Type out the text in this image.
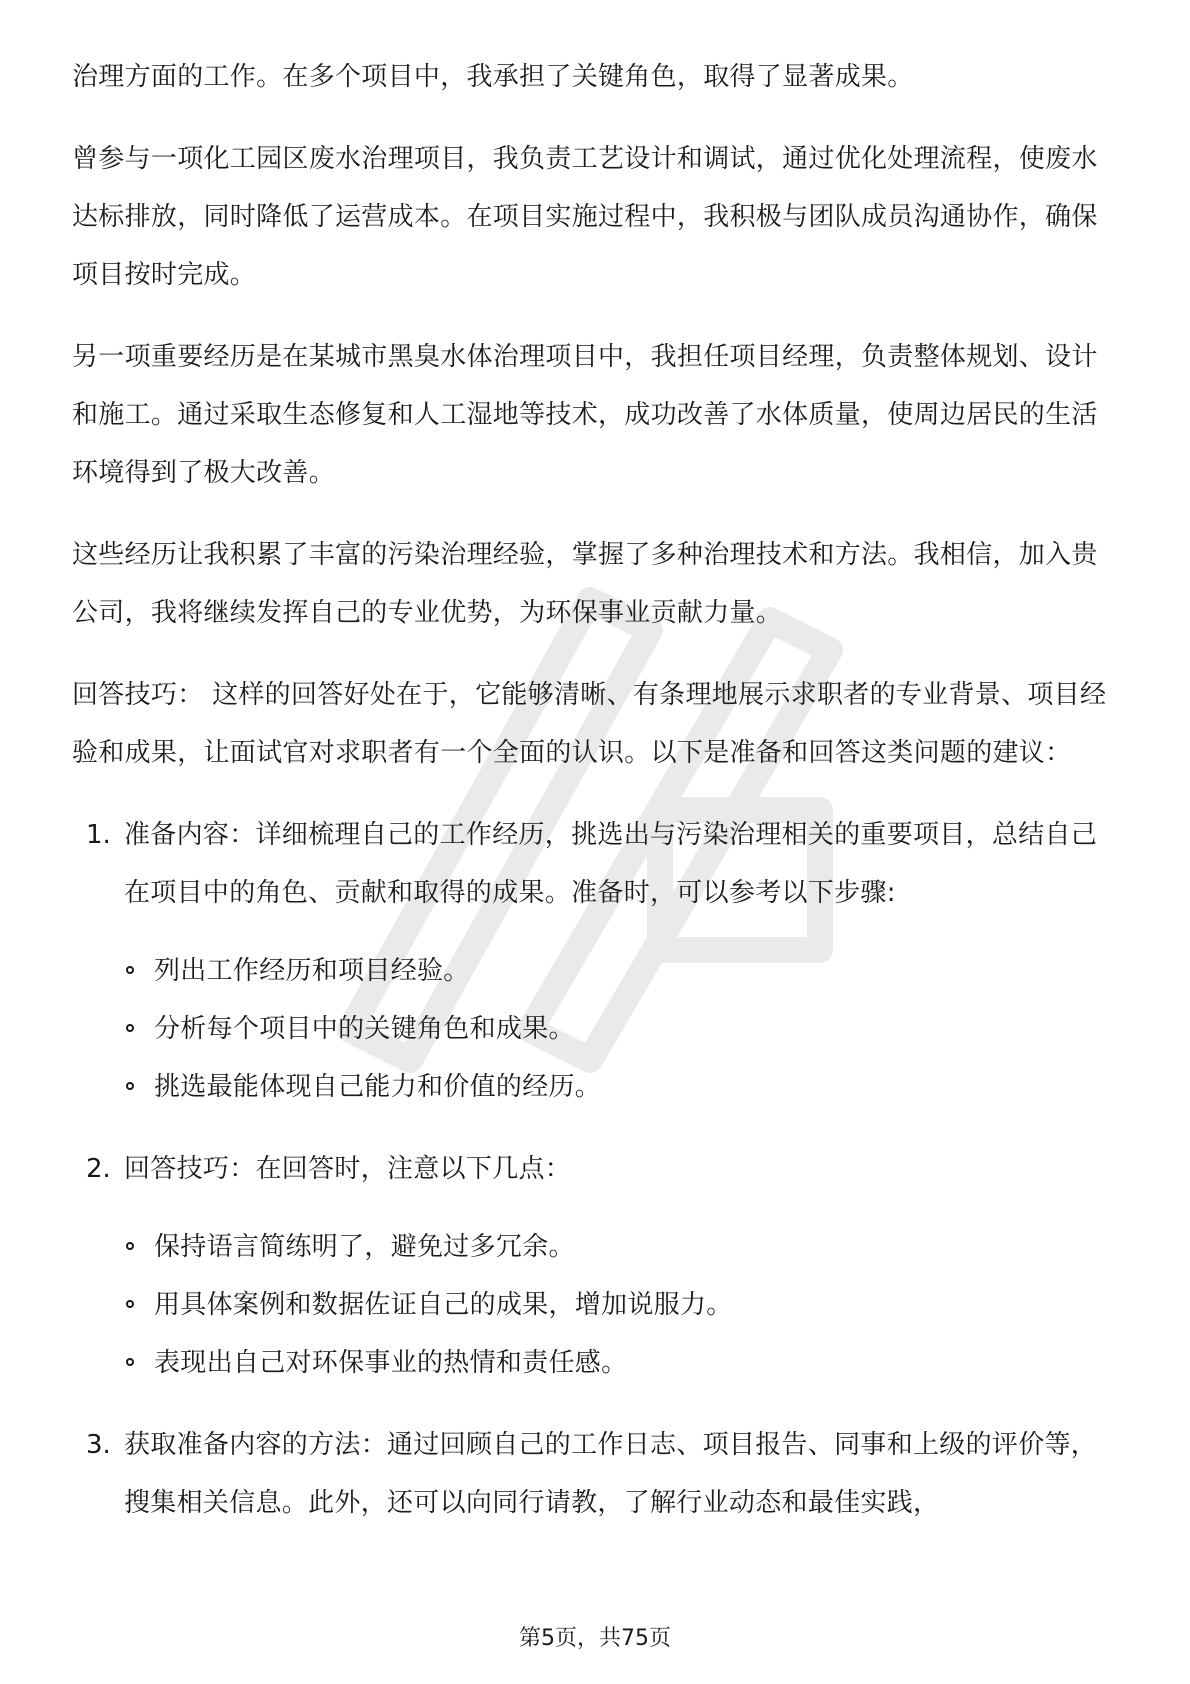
治理方面的工作。在多个项目中，我承担了关键角色，取得了显著成果。

曾参与一项化工园区废水治理项目，我负责工艺设计和调试，通过优化处理流程，使废水达标排放，同时降低了运营成本。在项目实施过程中，我积极与团队成员沟通协作，确保项目按时完成。

另一项重要经历是在某城市黑臭水体治理项目中，我担任项目经理，负责整体规划、设计和施工。通过采取生态修复和人工湿地等技术，成功改善了水体质量，使周边居民的生活环境得到了极大改善。

这些经历让我积累了丰富的污染治理经验，掌握了多种治理技术和方法。我相信，加入贵公司，我将继续发挥自己的专业优势，为环保事业贡献力量。

回答技巧： 这样的回答好处在于，它能够清晰、有条理地展示求职者的专业背景、项目经验和成果，让面试官对求职者有一个全面的认识。以下是准备和回答这类问题的建议：

1. 准备内容：详细梳理自己的工作经历，挑选出与污染治理相关的重要项目，总结自己在项目中的角色、贡献和取得的成果。准备时，可以参考以下步骤:
列出工作经历和项目经验。
分析每个项目中的关键角色和成果。
挑选最能体现自己能力和价值的经历。
2. 回答技巧：在回答时，注意以下几点：
保持语言简练明了，避免过多冗余。
用具体案例和数据佐证自己的成果，增加说服力。
表现出自己对环保事业的热情和责任感。
3. 获取准备内容的方法：通过回顾自己的工作日志、项目报告、同事和上级的评价等，搜集相关信息。此外，还可以向同行请教，了解行业动态和最佳实践，
第5页，共75页
